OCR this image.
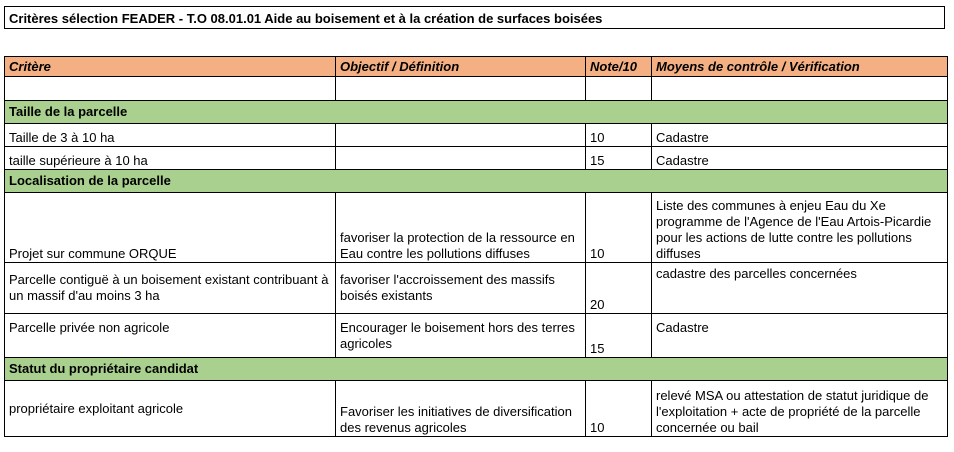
Critères sélection FEADER - T.O 08.01.01 Aide au boisement et à la création de surfaces boisées
Critère	Objectif / Définition	Note/10	Moyens de contrôle / Vérification

Taille de la parcelle			
Taille de 3 à 10 ha		10	Cadastre
taille supérieure à 10 ha		15	Cadastre
Localisation de la parcelle			
Projet sur commune ORQUE	favoriser la protection de la ressource en Eau contre les pollutions diffuses	10	Liste des communes à enjeu Eau du Xe programme de l'Agence de l'Eau Artois-Picardie pour les actions de lutte contre les pollutions diffuses
Parcelle contiguë à un boisement existant contribuant à un massif d'au moins 3 ha	favoriser l'accroissement des massifs boisés existants	20	cadastre des parcelles concernées
Parcelle privée non agricole	Encourager le boisement hors des terres agricoles	15	Cadastre
Statut du propriétaire candidat			
propriétaire exploitant agricole	Favoriser les initiatives de diversification des revenus agricoles	10	relevé MSA ou attestation de statut juridique de l'exploitation + acte de propriété de la parcelle concernée ou bail
